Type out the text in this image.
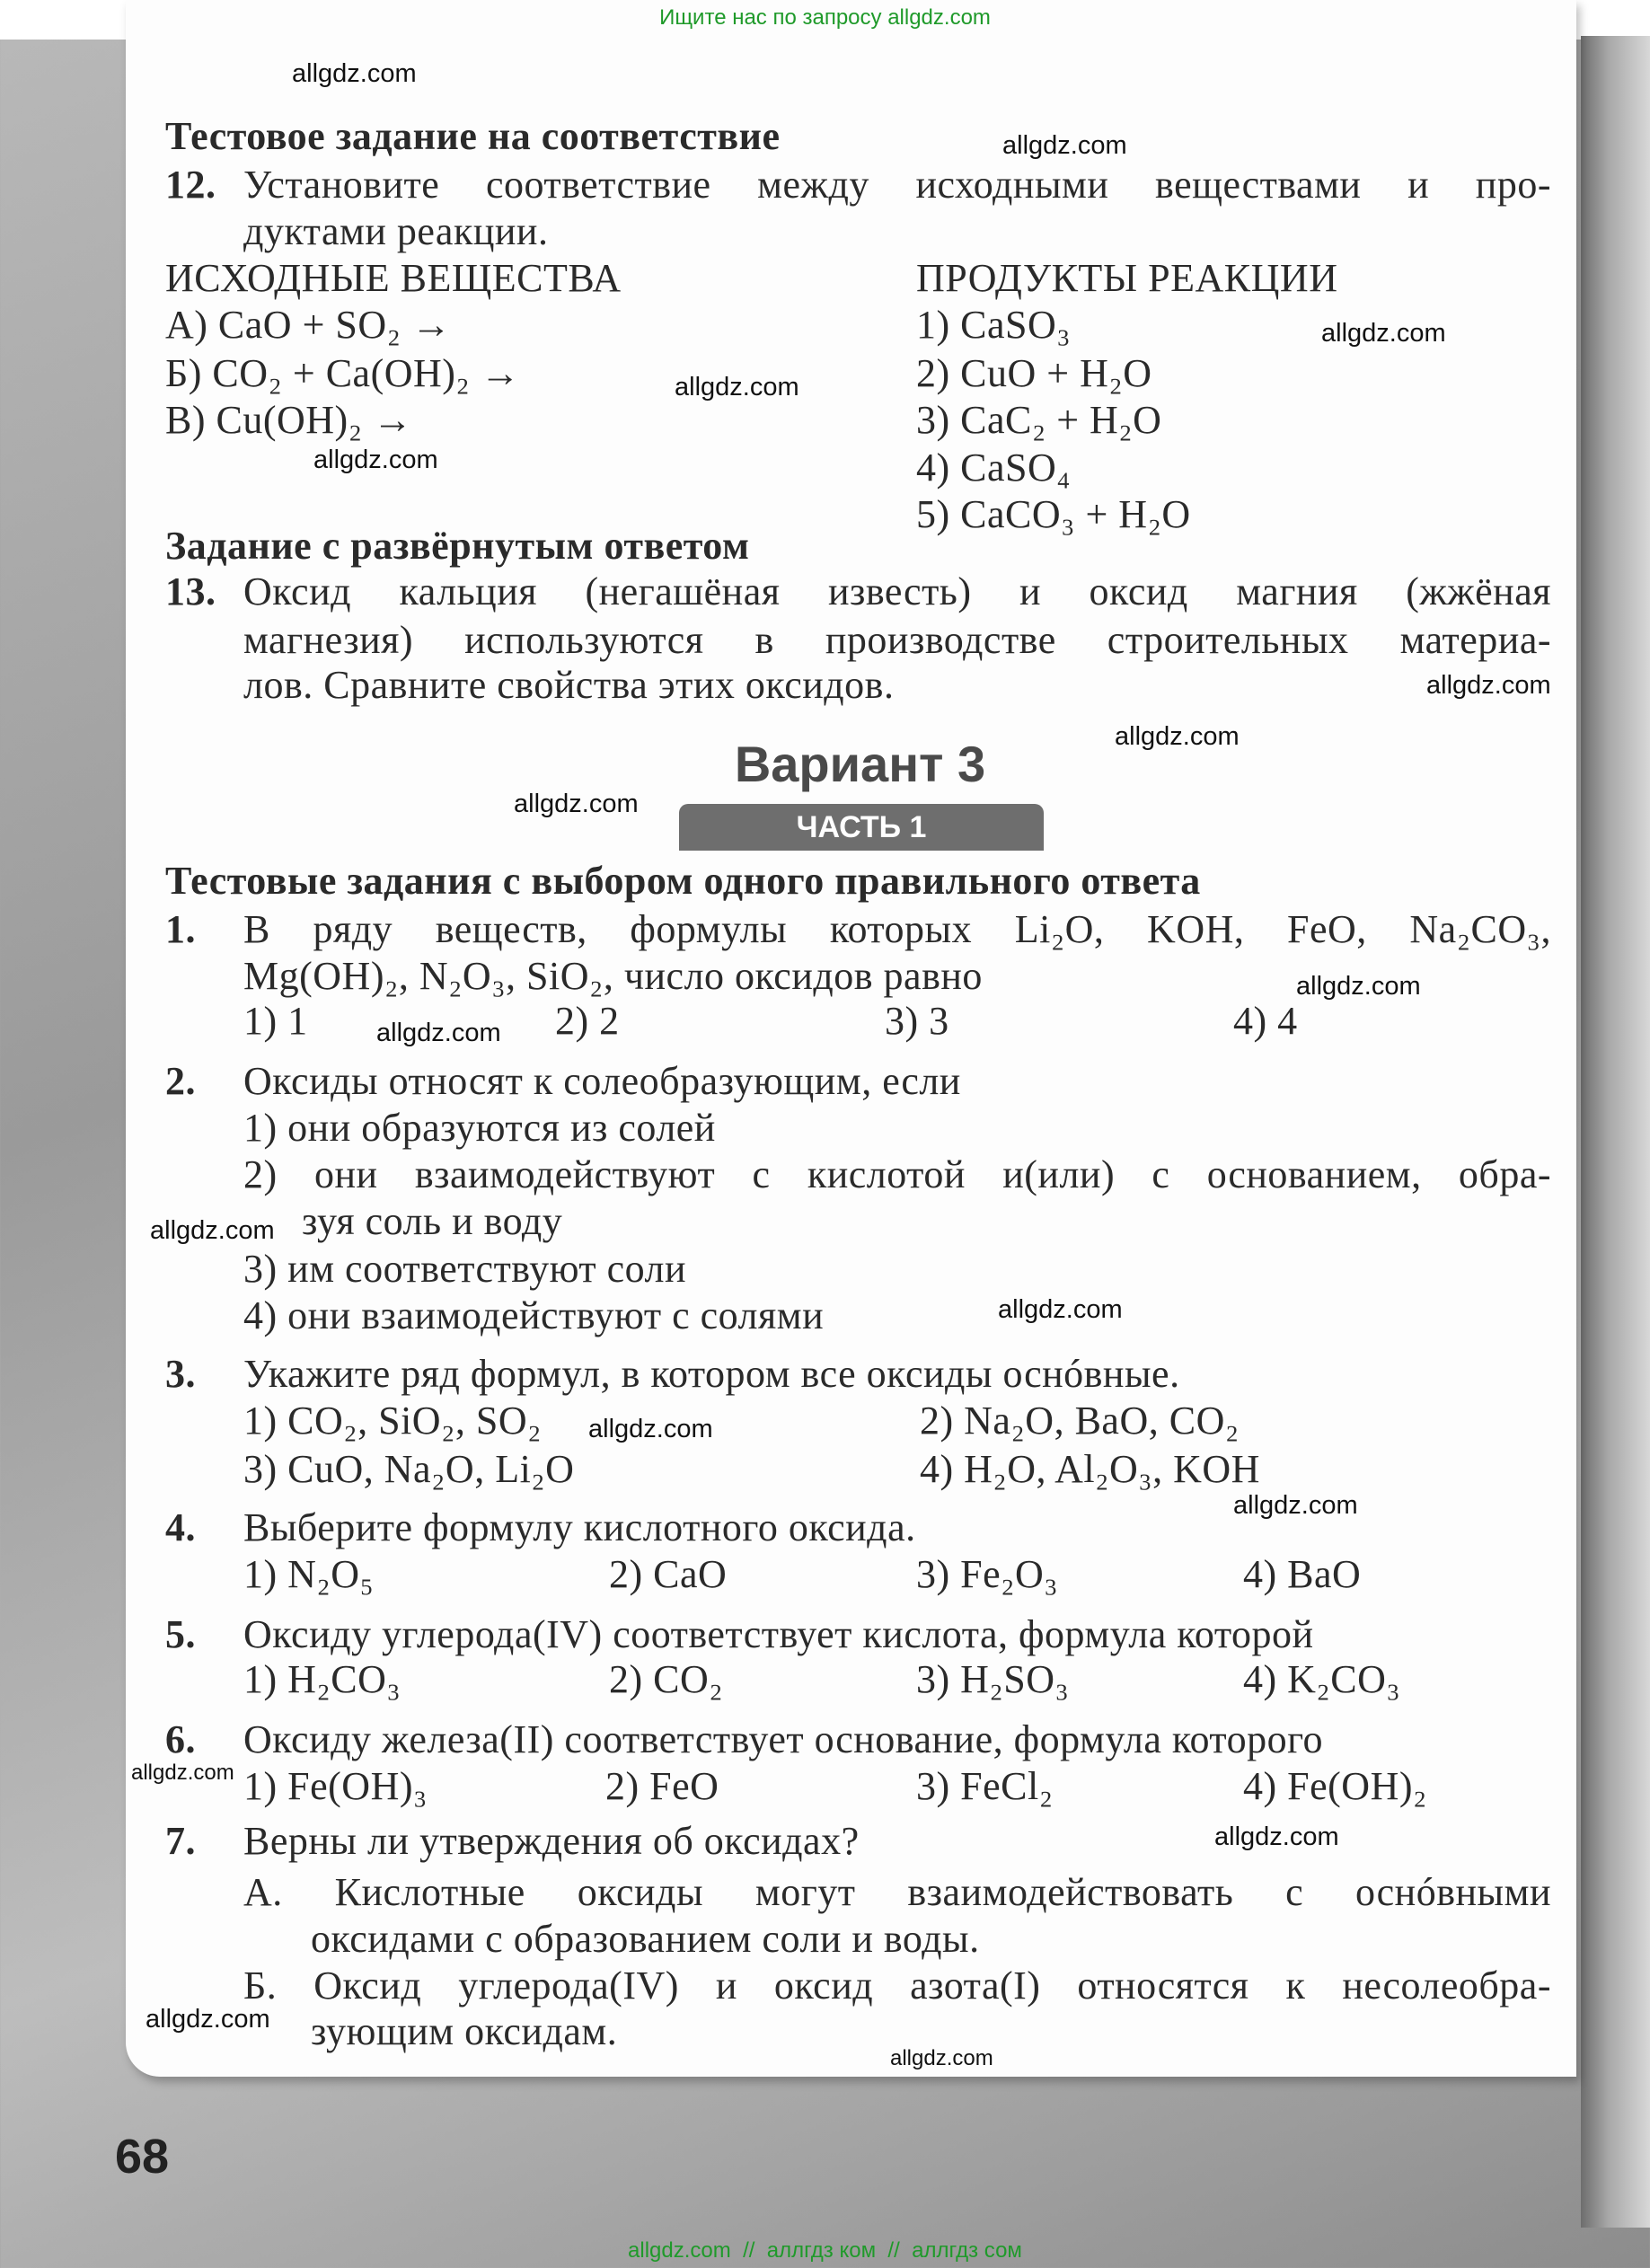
Ищите нас по запросу allgdz.com
Тестовое задание на соответствие
12. Установите соответствие между исходными веществами и про-
дуктами реакции.
ИСХОДНЫЕ ВЕЩЕСТВА	ПРОДУКТЫ РЕАКЦИИ
А) CaO + SO₂ →
Б) CO₂ + Ca(OH)₂ →
В) Cu(OH)₂ →
1) CaSO₃
2) CuO + H₂O
3) CaC₂ + H₂O
4) CaSO₄
5) CaCO₃ + H₂O
Задание с развёрнутым ответом
13. Оксид кальция (негашёная известь) и оксид магния (жжёная
магнезия) используются в производстве строительных материа-
лов. Сравните свойства этих оксидов.
Вариант 3
ЧАСТЬ 1
Тестовые задания с выбором одного правильного ответа
1. В ряду веществ, формулы которых Li₂O, KOH, FeO, Na₂CO₃,
Mg(OH)₂, N₂O₃, SiO₂, число оксидов равно
1) 1	2) 2	3) 3	4) 4
2. Оксиды относят к солеобразующим, если
1) они образуются из солей
2) они взаимодействуют с кислотой и(или) с основанием, обра-
зуя соль и воду
3) им соответствуют соли
4) они взаимодействуют с солями
3. Укажите ряд формул, в котором все оксиды оснóвные.
1) CO₂, SiO₂, SO₂	2) Na₂O, BaO, CO₂
3) CuO, Na₂O, Li₂O	4) H₂O, Al₂O₃, KOH
4. Выберите формулу кислотного оксида.
1) N₂O₅	2) CaO	3) Fe₂O₃	4) BaO
5. Оксиду углерода(IV) соответствует кислота, формула которой
1) H₂CO₃	2) CO₂	3) H₂SO₃	4) K₂CO₃
6. Оксиду железа(II) соответствует основание, формула которого
1) Fe(OH)₃	2) FeO	3) FeCl₂	4) Fe(OH)₂
7. Верны ли утверждения об оксидах?
А. Кислотные оксиды могут взаимодействовать с оснóвными
оксидами с образованием соли и воды.
Б. Оксид углерода(IV) и оксид азота(I) относятся к несолеобра-
зующим оксидам.
allgdz.com
allgdz.com
allgdz.com
allgdz.com
allgdz.com
allgdz.com
allgdz.com
allgdz.com
allgdz.com
allgdz.com
allgdz.com
allgdz.com
allgdz.com
allgdz.com
allgdz.com
allgdz.com
allgdz.com
allgdz.com
68
allgdz.com  //  аллгдз ком  //  аллгдз сом
